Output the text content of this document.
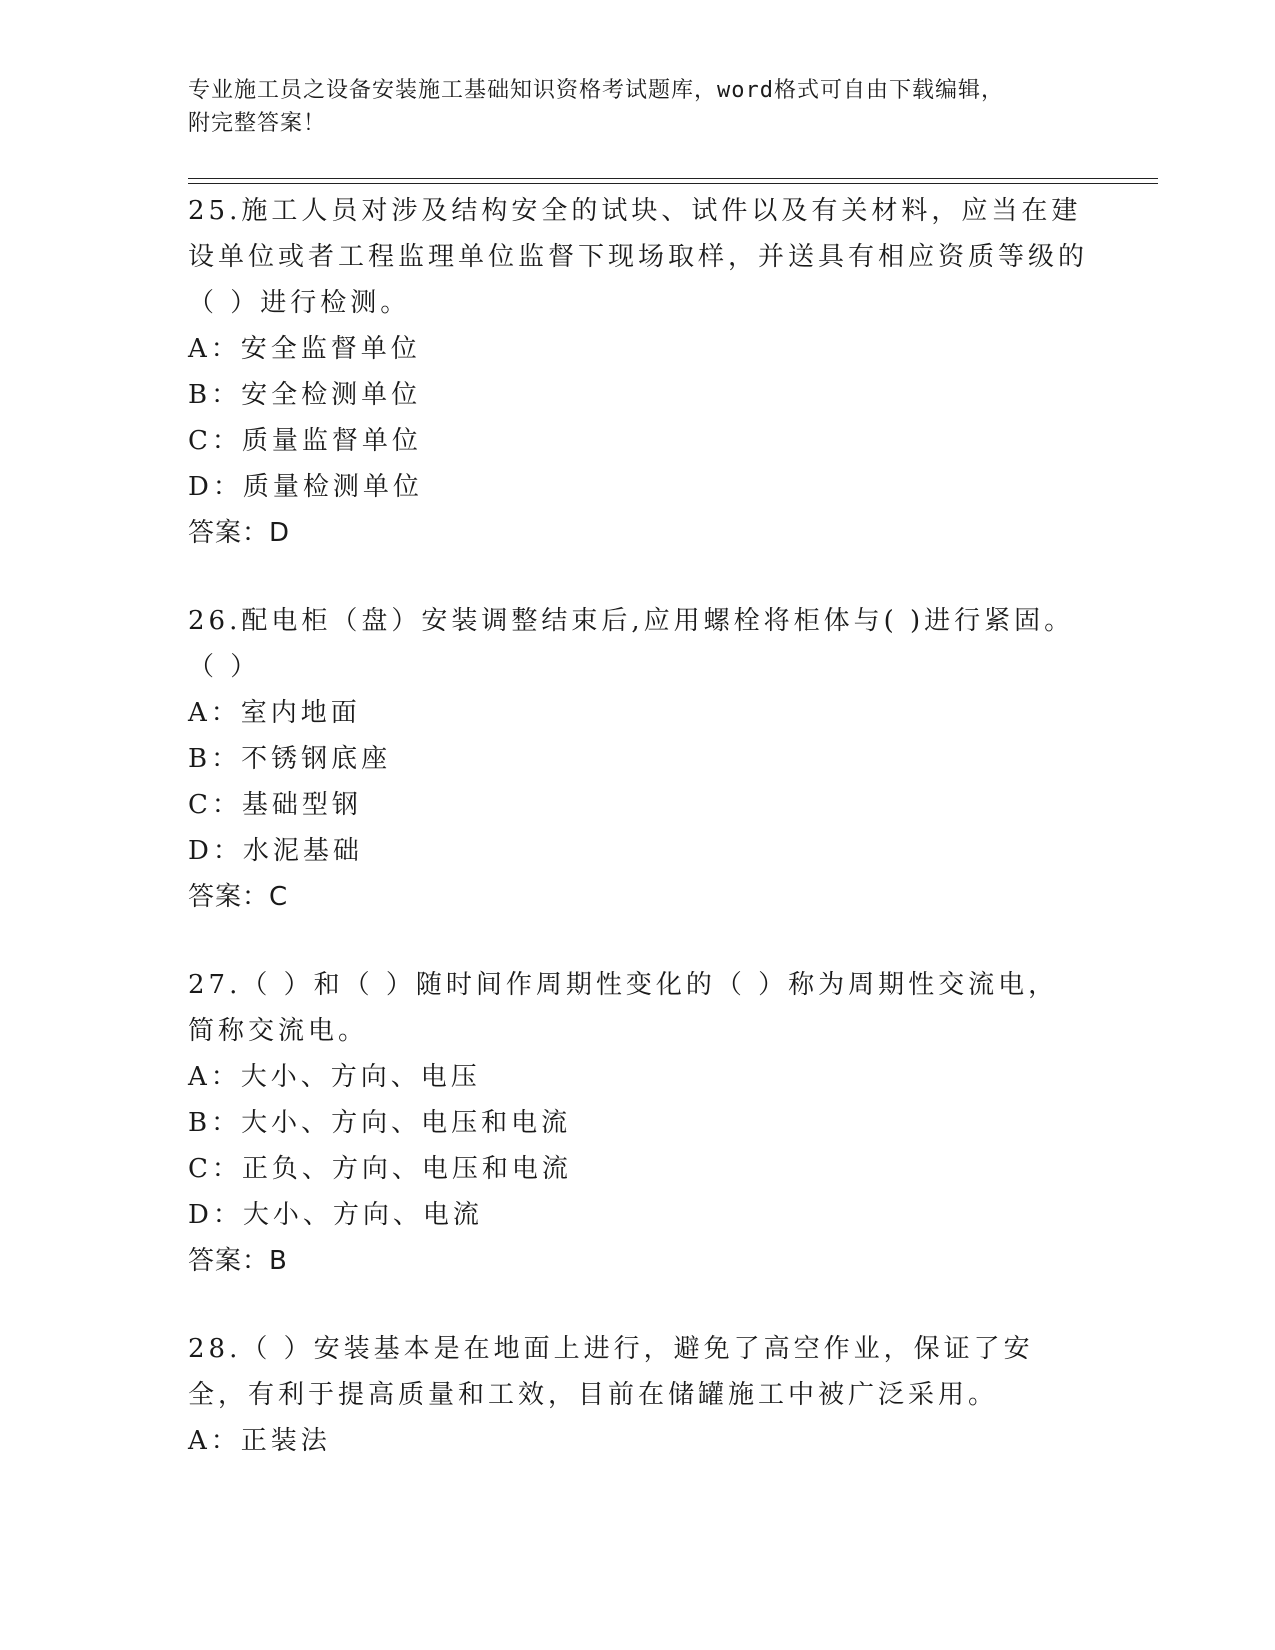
专业施工员之设备安装施工基础知识资格考试题库，word格式可自由下载编辑，
附完整答案！

25.施工人员对涉及结构安全的试块、试件以及有关材料，应当在建设单位或者工程监理单位监督下现场取样，并送具有相应资质等级的（ ）进行检测。

A：安全监督单位

B：安全检测单位

C：质量监督单位

D：质量检测单位

答案：D

26.配电柜（盘）安装调整结束后,应用螺栓将柜体与( )进行紧固。（ ）

A：室内地面

B：不锈钢底座

C：基础型钢

D：水泥基础

答案：C

27.（ ）和（ ）随时间作周期性变化的（ ）称为周期性交流电，简称交流电。

A：大小、方向、电压

B：大小、方向、电压和电流

C：正负、方向、电压和电流

D：大小、方向、电流

答案：B

28.（ ）安装基本是在地面上进行，避免了高空作业，保证了安全，有利于提高质量和工效，目前在储罐施工中被广泛采用。

A：正装法
